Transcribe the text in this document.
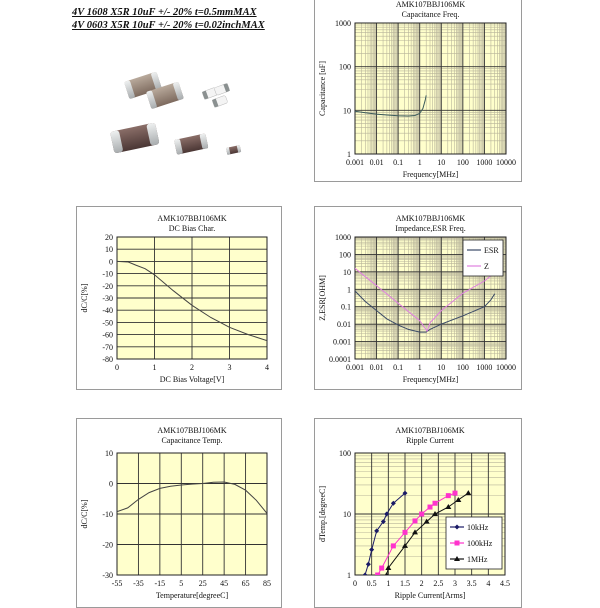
4V 1608 X5R 10uF +/- 20% t=0.5mmMAX
4V 0603 X5R 10uF +/- 20% t=0.02inchMAX
AMK107BBJ106MK
Capacitance Freq.
0.001 0.01 0.1 1 10 100 1000 10000
1
10
100
1000
Frequency[MHz]
Capacitance [uF]
AMK107BBJ106MK
DC Bias Char.
0	1	2	3	4
20
10
0
-10
-20
-30
-40
-50
-60
-70
-80
DC Bias Voltage[V]
dC/C[%]
AMK107BBJ106MK
Impedance,ESR Freq.
0.001 0.01 0.1 1 10 100 1000 10000
1000
100
10
1
0.1
0.01
0.001
0.0001
Frequency[MHz]
Z,ESR[OHM]
ESR
Z
AMK107BBJ106MK
Capacitance Temp.
-55 -35 -15 5 25 45 65 85
10
0
-10
-20
-30
Temperature[degreeC]
dC/C[%]
AMK107BBJ106MK
Ripple Current
0 0.5 1 1.5 2 2.5 3 3.5 4 4.5
100
10
1
Ripple Current[Arms]
dTemp.[degreeC]	10kHz
100kHz
1MHz
